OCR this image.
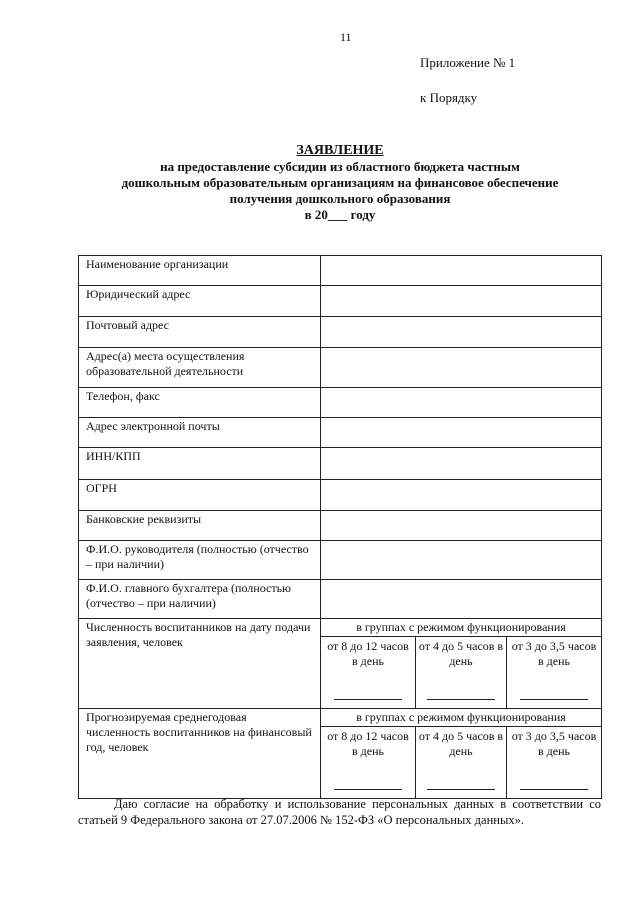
11
Приложение № 1
к Порядку
ЗАЯВЛЕНИЕ
на предоставление субсидии из областного бюджета частным
дошкольным образовательным организациям на финансовое обеспечение
получения дошкольного образования
в 20___ году
Наименование организации			
Юридический адрес			
Почтовый адрес			
Адрес(а) места осуществления образовательной деятельности			
Телефон, факс			
Адрес электронной почты			
ИНН/КПП			
ОГРН			
Банковские реквизиты			
Ф.И.О. руководителя (полностью (отчество – при наличии)			
Ф.И.О. главного бухгалтера (полностью (отчество – при наличии)			
Численность воспитанников на дату подачи заявления, человек	в группах с режимом функционирования		
	от 8 до 12 часов в день	от 4 до 5 часов в день	от 3 до 3,5 часов в день

Прогнозируемая среднегодовая численность воспитанников на финансовый год, человек	в группах с режимом функционирования		
	от 8 до 12 часов в день	от 4 до 5 часов в день	от 3 до 3,5 часов в день
Даю согласие на обработку и использование персональных данных в соответствии со статьей 9 Федерального закона от 27.07.2006 № 152-ФЗ «О персональных данных».
